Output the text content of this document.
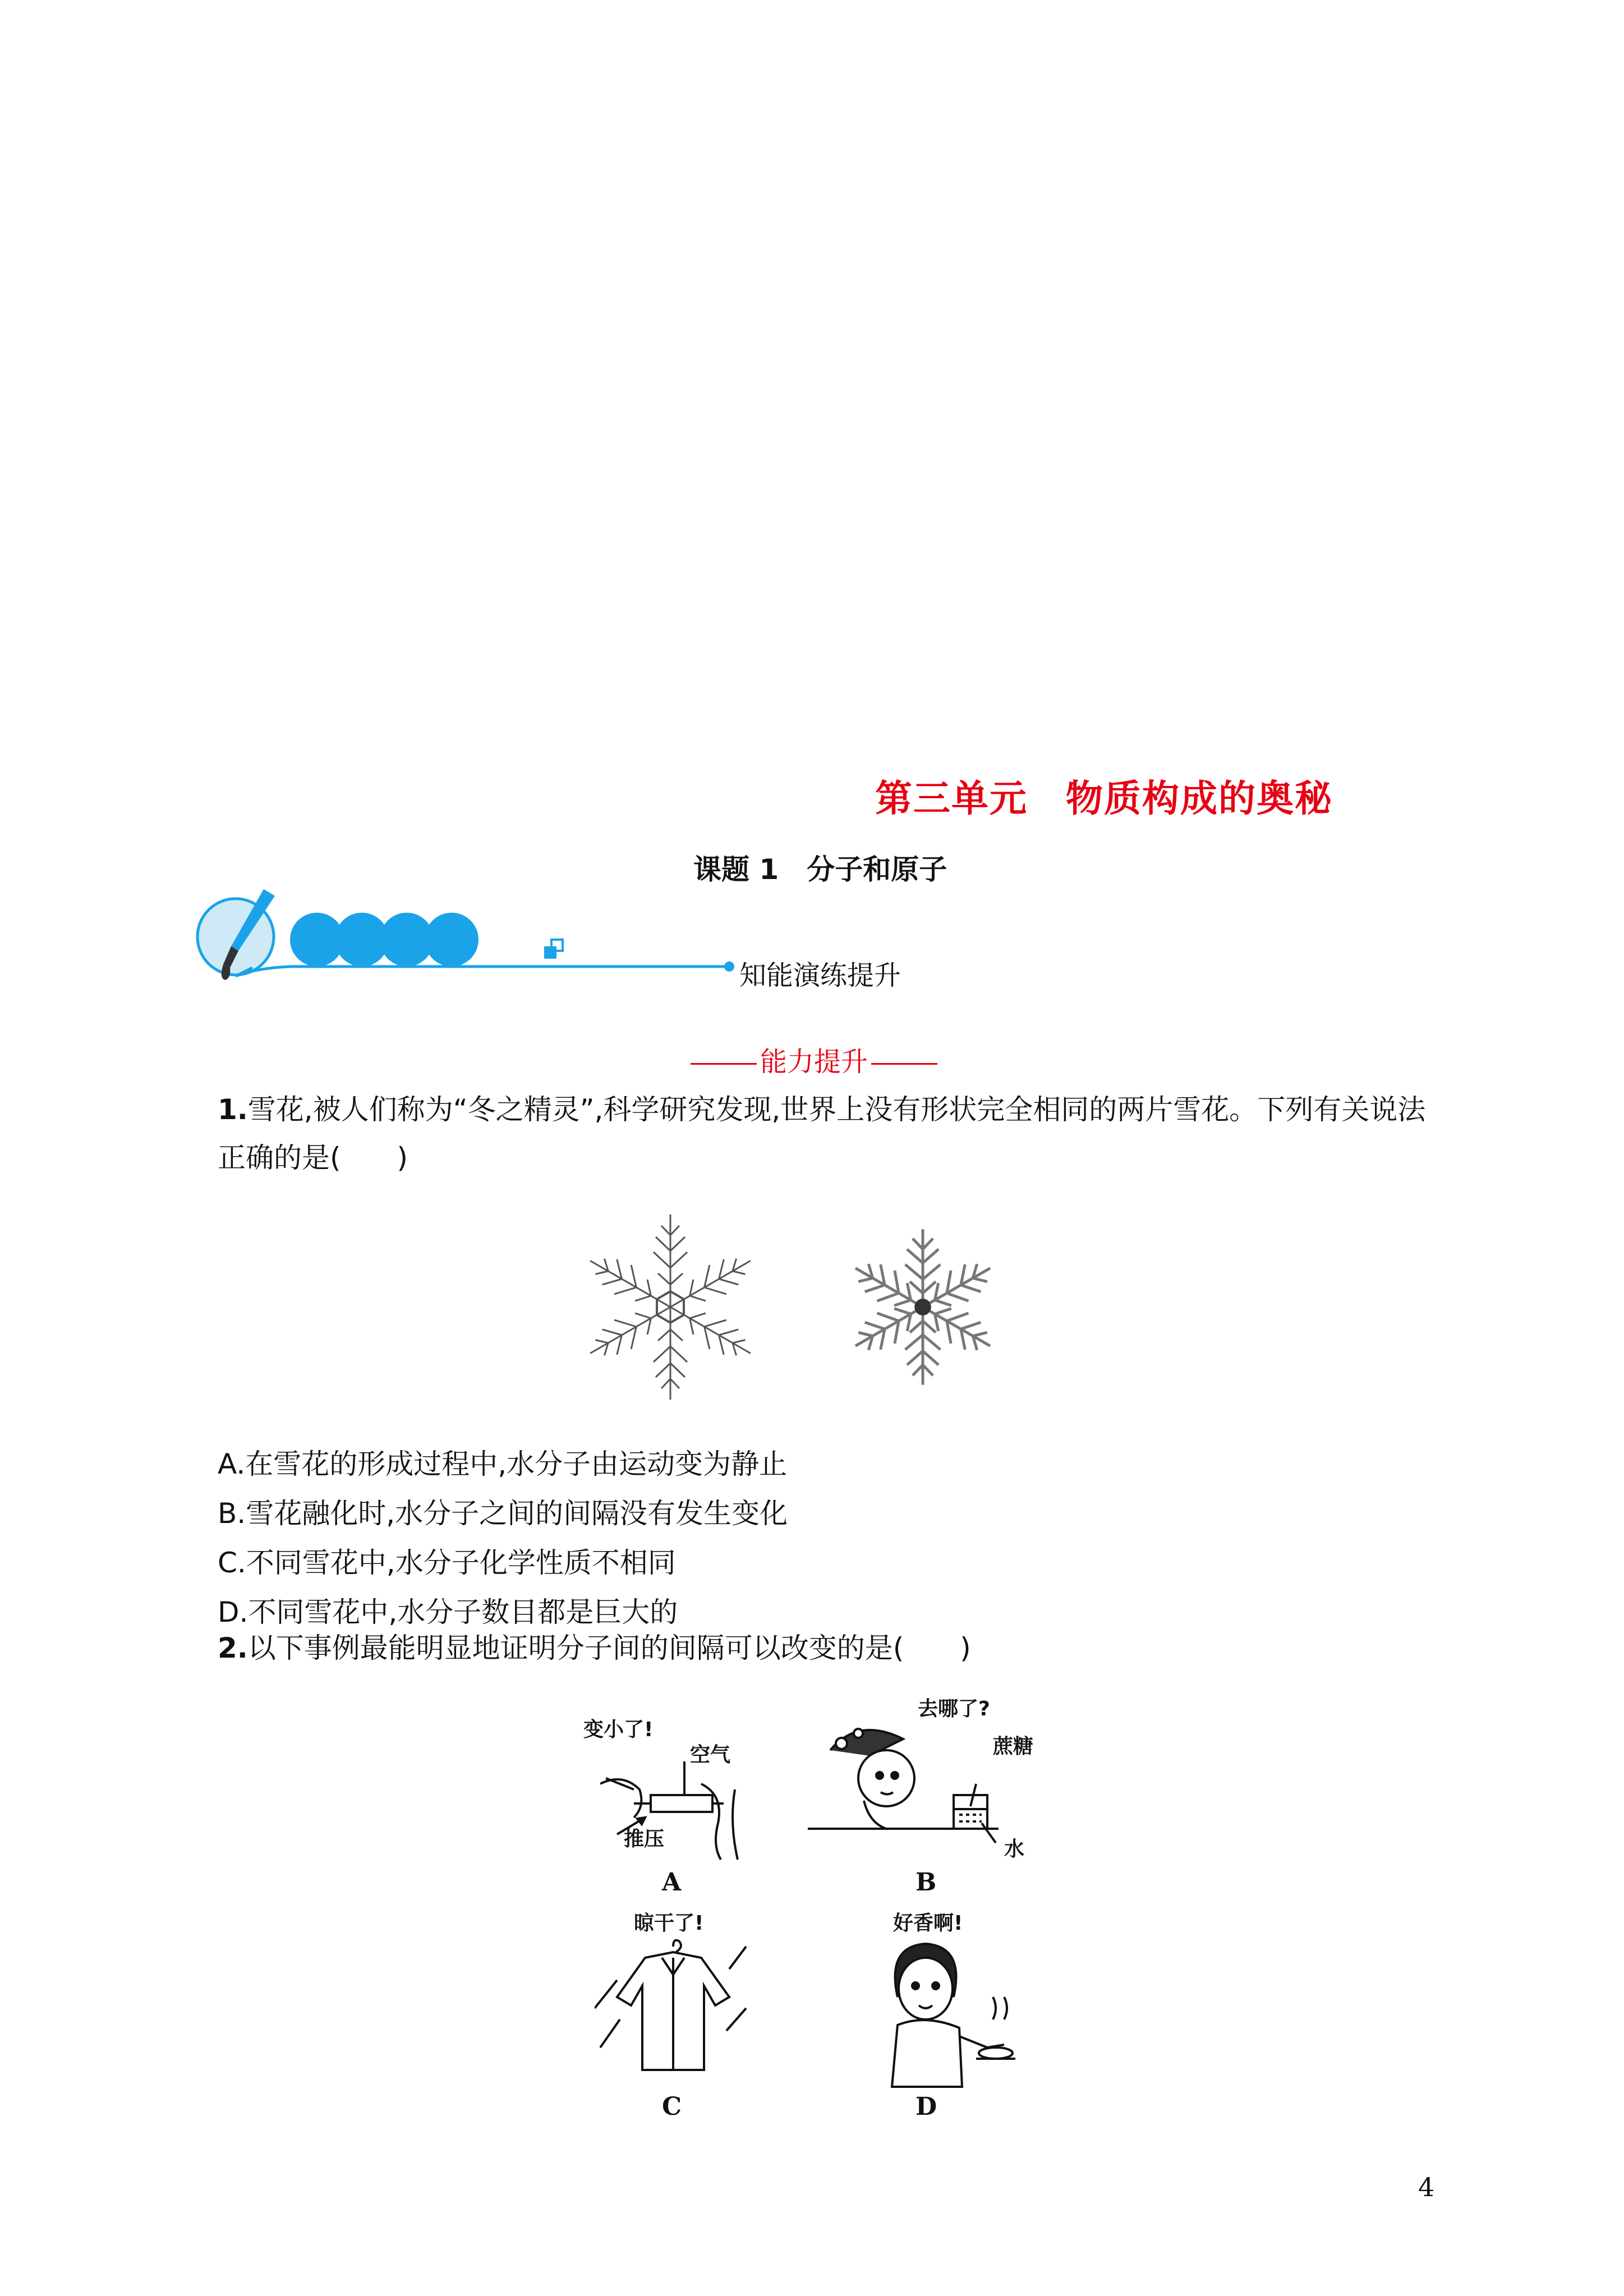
第三单元　物质构成的奥秘
课题 1　分子和原子
知能演练提升
能力提升
1.雪花,被人们称为“冬之精灵”,科学研究发现,世界上没有形状完全相同的两片雪花。下列有关说法正确的是(　　)
A.在雪花的形成过程中,水分子由运动变为静止
B.雪花融化时,水分子之间的间隔没有发生变化
C.不同雪花中,水分子化学性质不相同
D.不同雪花中,水分子数目都是巨大的
2.以下事例最能明显地证明分子间的间隔可以改变的是(　　)
变小了!
空气
推压
A
去哪了?
蔗糖
水
B
晾干了!
C
好香啊!
D
4
